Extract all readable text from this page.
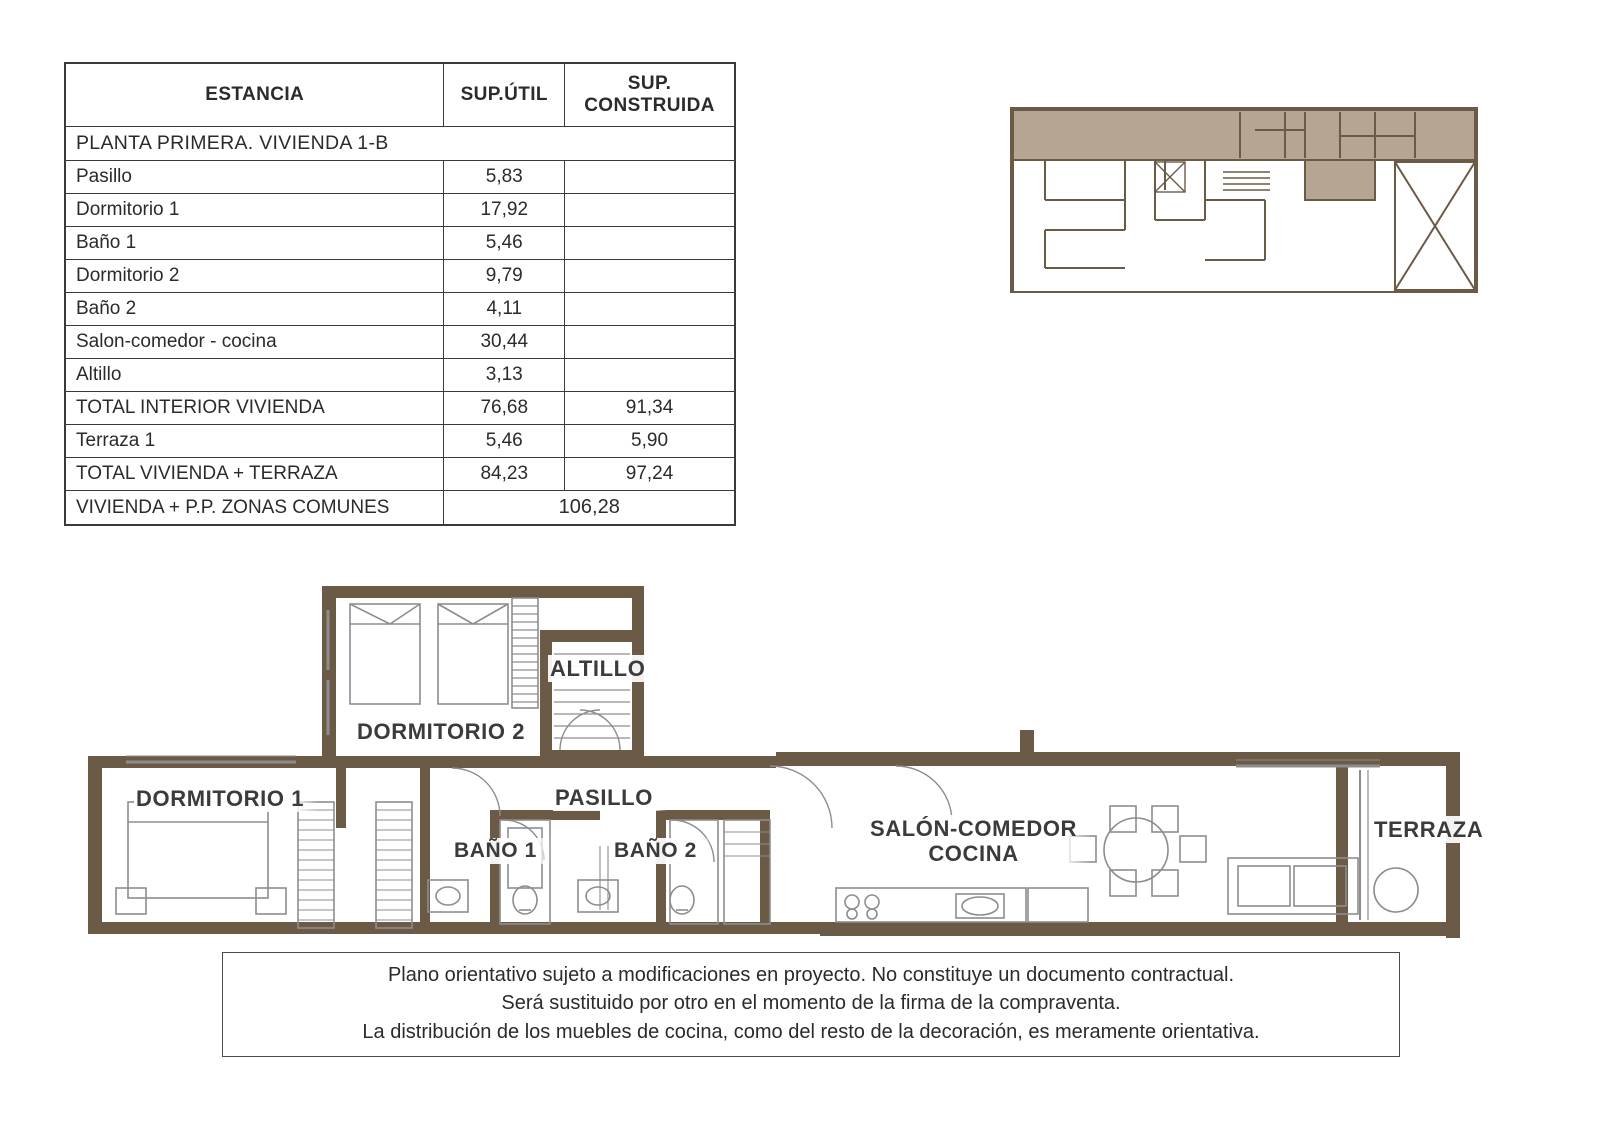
ESTANCIA	SUP.ÚTIL	SUP. CONSTRUIDA
PLANTA PRIMERA. VIVIENDA 1-B		
Pasillo	5,83	
Dormitorio 1	17,92	
Baño 1	5,46	
Dormitorio 2	9,79	
Baño 2	4,11	
Salon-comedor - cocina	30,44	
Altillo	3,13	
TOTAL INTERIOR VIVIENDA	76,68	91,34
Terraza 1	5,46	5,90
TOTAL VIVIENDA + TERRAZA	84,23	97,24
VIVIENDA + P.P. ZONAS COMUNES	106,28	
ALTILLO
DORMITORIO 2
DORMITORIO 1	PASILLO
BAÑO 1	BAÑO 2
SALÓN-COMEDOR
COCINA
TERRAZA

Plano orientativo sujeto a modificaciones en proyecto. No constituye un documento contractual.

Será sustituido por otro en el momento de la firma de la compraventa.

La distribución de los muebles de cocina, como del resto de la decoración, es meramente orientativa.
